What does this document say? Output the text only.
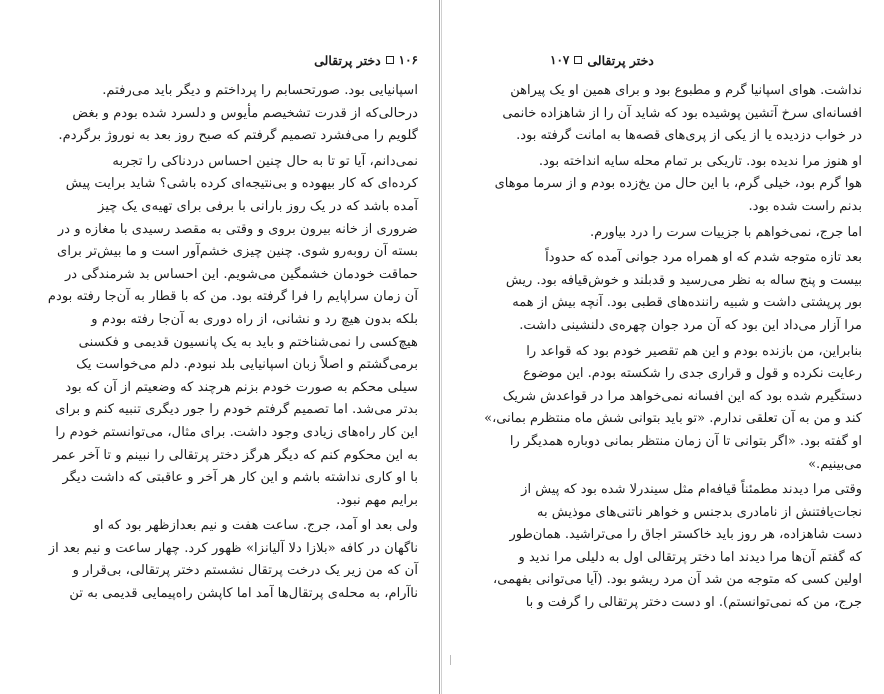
۱۰۶
دختر پرتقالی
اسپانیایی بود. صورتحسابم را پرداختم و دیگر باید می‌رفتم.
درحالی‌که از قدرت تشخیصم مأیوس و دلسرد شده بودم و بغض
گلویم را می‌فشرد تصمیم گرفتم که صبح روز بعد به نوروژ برگردم.
نمی‌دانم، آیا تو تا به حال چنین احساس دردناکی را تجربه
کرده‌ای که کار بیهوده و بی‌نتیجه‌ای کرده باشی؟ شاید برایت پیش
آمده باشد که در یک روز بارانی با برفی برای تهیه‌ی یک چیز
ضروری از خانه بیرون بروی و وقتی به مقصد رسیدی با مغازه و در
بسته آن رو‌به‌رو شوی. چنین چیزی خشم‌آور است و ما بیش‌تر برای
حماقت خودمان خشمگین می‌شویم. این احساس بد شرمندگی در
آن زمان سراپایم را فرا گرفته بود. من که با قطار به آن‌جا رفته بودم
بلکه بدون هیچ رد و نشانی، از راه دوری به آن‌جا رفته بودم و
هیچ‌کسی را نمی‌شناختم و باید به یک پانسیون قدیمی و فکسنی
برمی‌گشتم و اصلاً زبان اسپانیایی بلد نبودم. دلم می‌خواست یک
سیلی محکم به صورت خودم بزنم هرچند که وضعیتم از آن که بود
بدتر می‌شد. اما تصمیم گرفتم خودم را جور دیگری تنبیه کنم و برای
این کار راه‌های زیادی وجود داشت. برای مثال، می‌توانستم خودم را
به این محکوم کنم که دیگر هرگز دختر پرتقالی را نبینم و تا آخر عمر
با او کاری نداشته باشم و این کار هر آخر و عاقبتی که داشت دیگر
برایم مهم نبود.
ولی بعد او آمد، جرج. ساعت هفت و نیم بعدازظهر بود که او
ناگهان در کافه «بلازا دلا آلیانزا» ظهور کرد. چهار ساعت و نیم بعد از
آن که من زیر یک درخت پرتقال نشستم دختر پرتقالی، بی‌قرار و
ناآرام، به محله‌ی پرتقال‌ها آمد اما کاپشن راه‌پیمایی قدیمی به تن
دختر پرتقالی
۱۰۷
نداشت. هوای اسپانیا گرم و مطبوع بود و برای همین او یک پیراهن
افسانه‌ای سرخ آتشین پوشیده بود که شاید آن را از شاهزاده خانمی
در خواب دزدیده یا از یکی از پری‌های قصه‌ها به امانت گرفته بود.
او هنوز مرا ندیده بود. تاریکی بر تمام محله سایه انداخته بود.
هوا گرم بود، خیلی گرم، با این حال من یخ‌زده بودم و از سرما موهای
بدنم راست شده بود.
اما جرج، نمی‌خواهم با جزییات سرت را درد بیاورم.
بعد تازه متوجه شدم که او همراه مرد جوانی آمده که حدوداً
بیست و پنج ساله به نظر می‌رسید و قدبلند و خوش‌قیافه بود. ریش
بور پرپشتی داشت و شبیه راننده‌های قطبی بود. آنچه بیش از همه
مرا آزار می‌داد این بود که آن مرد جوان چهره‌ی دلنشینی داشت.
بنابراین، من بازنده بودم و این هم تقصیر خودم بود که قواعد را
رعایت نکرده و قول و قراری جدی را شکسته بودم. این موضوع
دستگیرم شده بود که این افسانه نمی‌خواهد مرا در قواعدش شریک
کند و من به آن تعلقی ندارم. «تو باید بتوانی شش ماه منتظرم بمانی،»
او گفته بود. «اگر بتوانی تا آن زمان منتظر بمانی دوباره همدیگر را
می‌بینیم.»
وقتی مرا دیدند مطمئناً قیافه‌ام مثل سیندرلا شده بود که پیش از
نجات‌یافتنش از نامادری بدجنس و خواهر ناتنی‌های موذیش به
دست شاهزاده، هر روز باید خاکستر اجاق را می‌تراشید. همان‌طور
که گفتم آن‌ها مرا دیدند اما دختر پرتقالی اول به دلیلی مرا ندید و
اولین کسی که متوجه من شد آن مرد ریشو بود. (آیا می‌توانی بفهمی،
جرج، من که نمی‌توانستم). او دست دختر پرتقالی را گرفت و با
